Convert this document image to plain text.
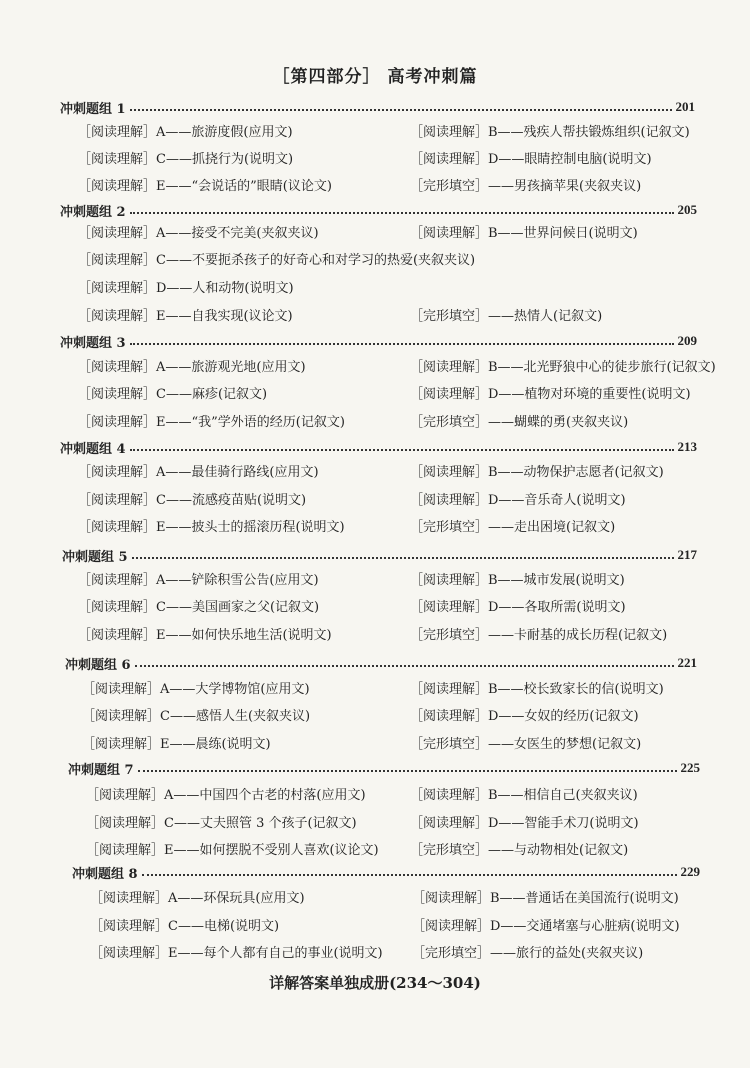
［第四部分］ 高考冲刺篇
冲刺题组 1	201
［阅读理解］A——旅游度假(应用文)	［阅读理解］B——残疾人帮扶锻炼组织(记叙文)
［阅读理解］C——抓挠行为(说明文)	［阅读理解］D——眼睛控制电脑(说明文)
［阅读理解］E——“会说话的”眼睛(议论文)	［完形填空］——男孩摘苹果(夹叙夹议)
冲刺题组 2	205
［阅读理解］A——接受不完美(夹叙夹议)	［阅读理解］B——世界问候日(说明文)
［阅读理解］C——不要扼杀孩子的好奇心和对学习的热爱(夹叙夹议)
［阅读理解］D——人和动物(说明文)
［阅读理解］E——自我实现(议论文)	［完形填空］——热情人(记叙文)
冲刺题组 3	209
［阅读理解］A——旅游观光地(应用文)	［阅读理解］B——北光野狼中心的徒步旅行(记叙文)
［阅读理解］C——麻疹(记叙文)	［阅读理解］D——植物对环境的重要性(说明文)
［阅读理解］E——“我”学外语的经历(记叙文)	［完形填空］——蝴蝶的勇(夹叙夹议)
冲刺题组 4	213
［阅读理解］A——最佳骑行路线(应用文)	［阅读理解］B——动物保护志愿者(记叙文)
［阅读理解］C——流感疫苗贴(说明文)	［阅读理解］D——音乐奇人(说明文)
［阅读理解］E——披头士的摇滚历程(说明文)	［完形填空］——走出困境(记叙文)
冲刺题组 5	217
［阅读理解］A——铲除积雪公告(应用文)	［阅读理解］B——城市发展(说明文)
［阅读理解］C——美国画家之父(记叙文)	［阅读理解］D——各取所需(说明文)
［阅读理解］E——如何快乐地生活(说明文)	［完形填空］——卡耐基的成长历程(记叙文)
冲刺题组 6	221
［阅读理解］A——大学博物馆(应用文)	［阅读理解］B——校长致家长的信(说明文)
［阅读理解］C——感悟人生(夹叙夹议)	［阅读理解］D——女奴的经历(记叙文)
［阅读理解］E——晨练(说明文)	［完形填空］——女医生的梦想(记叙文)
冲刺题组 7	225
［阅读理解］A——中国四个古老的村落(应用文)	［阅读理解］B——相信自己(夹叙夹议)
［阅读理解］C——丈夫照管 3 个孩子(记叙文)	［阅读理解］D——智能手术刀(说明文)
［阅读理解］E——如何摆脱不受别人喜欢(议论文) ［完形填空］——与动物相处(记叙文)
冲刺题组 8	229
［阅读理解］A——环保玩具(应用文)	［阅读理解］B——普通话在美国流行(说明文)
［阅读理解］C——电梯(说明文)	［阅读理解］D——交通堵塞与心脏病(说明文)
［阅读理解］E——每个人都有自己的事业(说明文) ［完形填空］——旅行的益处(夹叙夹议)
详解答案单独成册(234～304)
